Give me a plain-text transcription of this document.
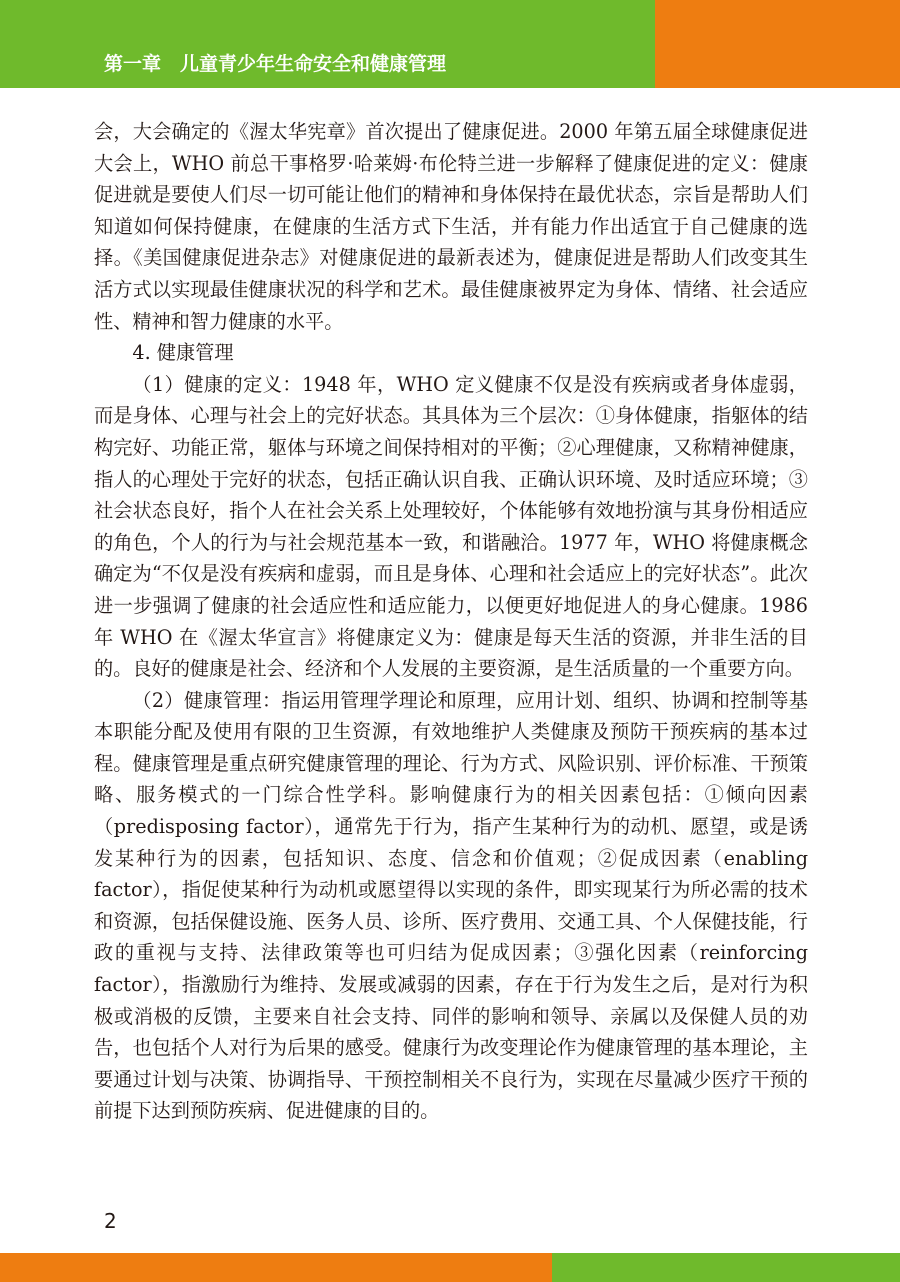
第一章　儿童青少年生命安全和健康管理

会，大会确定的《渥太华宪章》首次提出了健康促进。2000 年第五届全球健康促进大会上，WHO 前总干事格罗·哈莱姆·布伦特兰进一步解释了健康促进的定义：健康促进就是要使人们尽一切可能让他们的精神和身体保持在最优状态，宗旨是帮助人们知道如何保持健康，在健康的生活方式下生活，并有能力作出适宜于自己健康的选择。《美国健康促进杂志》对健康促进的最新表述为，健康促进是帮助人们改变其生活方式以实现最佳健康状况的科学和艺术。最佳健康被界定为身体、情绪、社会适应性、精神和智力健康的水平。

4. 健康管理

（1）健康的定义：1948 年，WHO 定义健康不仅是没有疾病或者身体虚弱，而是身体、心理与社会上的完好状态。其具体为三个层次：①身体健康，指躯体的结构完好、功能正常，躯体与环境之间保持相对的平衡；②心理健康，又称精神健康，指人的心理处于完好的状态，包括正确认识自我、正确认识环境、及时适应环境；③社会状态良好，指个人在社会关系上处理较好，个体能够有效地扮演与其身份相适应的角色，个人的行为与社会规范基本一致，和谐融洽。1977 年，WHO 将健康概念确定为“不仅是没有疾病和虚弱，而且是身体、心理和社会适应上的完好状态”。此次进一步强调了健康的社会适应性和适应能力，以便更好地促进人的身心健康。1986 年 WHO 在《渥太华宣言》将健康定义为：健康是每天生活的资源，并非生活的目的。良好的健康是社会、经济和个人发展的主要资源，是生活质量的一个重要方向。

（2）健康管理：指运用管理学理论和原理，应用计划、组织、协调和控制等基本职能分配及使用有限的卫生资源，有效地维护人类健康及预防干预疾病的基本过程。健康管理是重点研究健康管理的理论、行为方式、风险识别、评价标准、干预策略、服务模式的一门综合性学科。影响健康行为的相关因素包括：①倾向因素（predisposing factor），通常先于行为，指产生某种行为的动机、愿望，或是诱发某种行为的因素，包括知识、态度、信念和价值观；②促成因素（enabling factor），指促使某种行为动机或愿望得以实现的条件，即实现某行为所必需的技术和资源，包括保健设施、医务人员、诊所、医疗费用、交通工具、个人保健技能，行政的重视与支持、法律政策等也可归结为促成因素；③强化因素（reinforcing factor），指激励行为维持、发展或减弱的因素，存在于行为发生之后，是对行为积极或消极的反馈，主要来自社会支持、同伴的影响和领导、亲属以及保健人员的劝告，也包括个人对行为后果的感受。健康行为改变理论作为健康管理的基本理论，主要通过计划与决策、协调指导、干预控制相关不良行为，实现在尽量减少医疗干预的前提下达到预防疾病、促进健康的目的。

2
